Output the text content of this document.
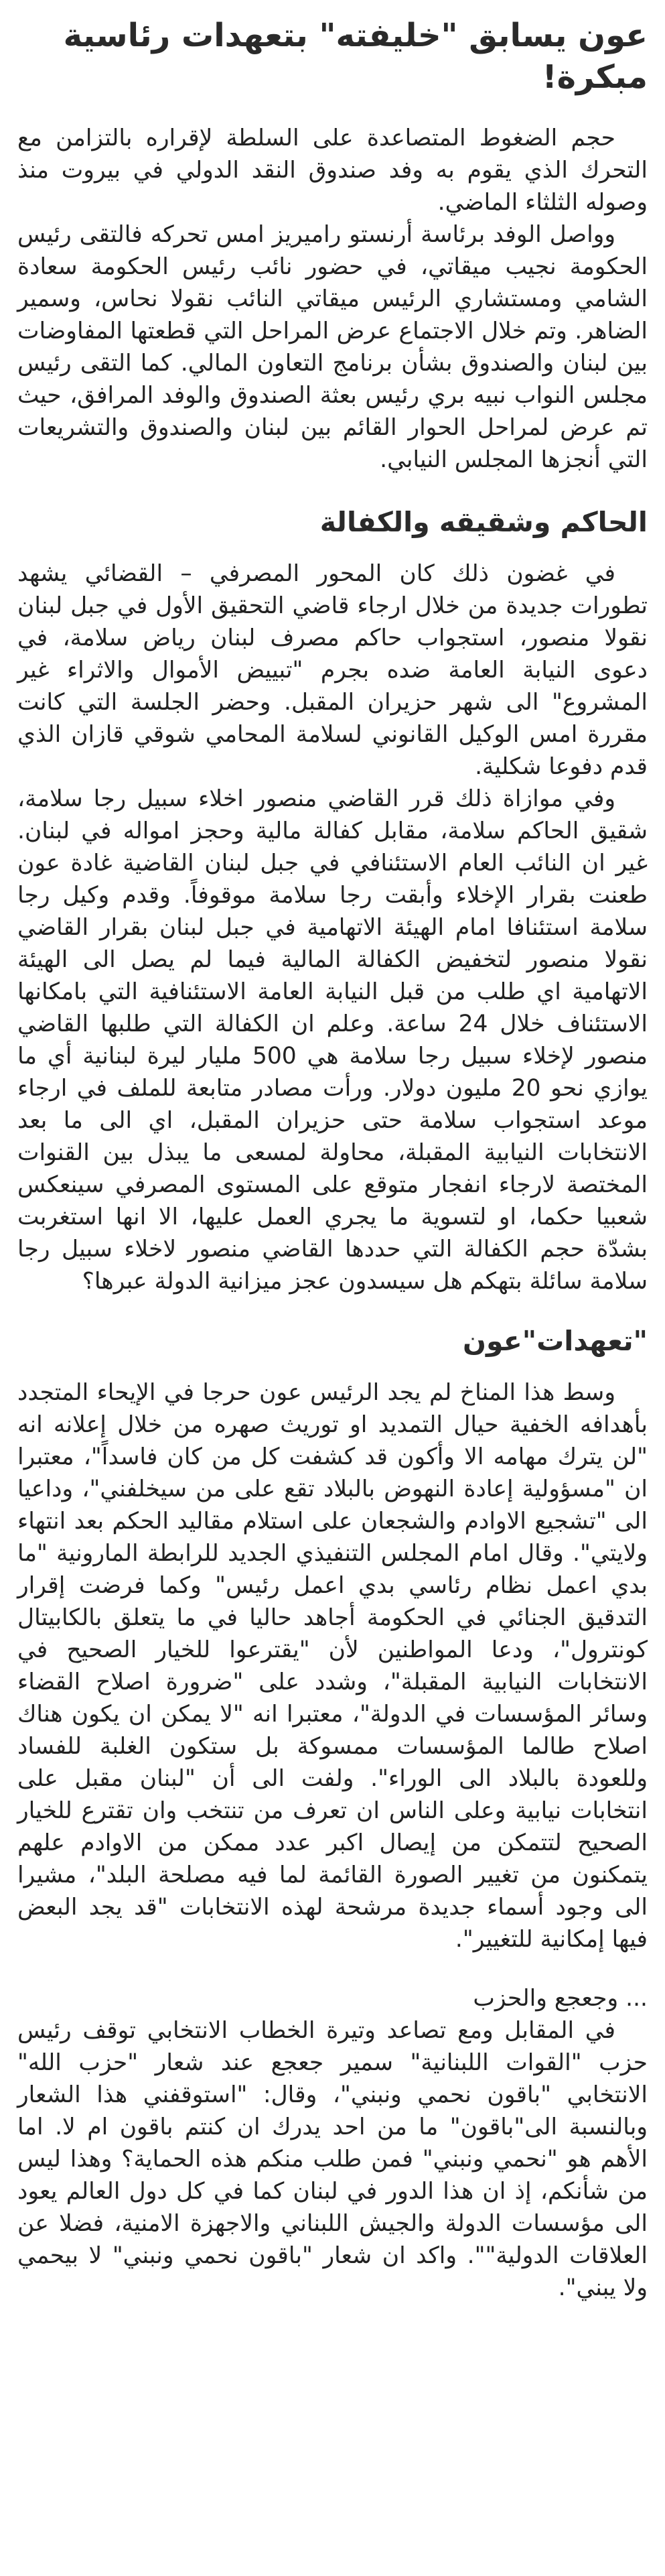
عون يسابق "خليفته" بتعهدات رئاسية مبكرة!

حجم الضغوط المتصاعدة على السلطة لإقراره بالتزامن مع التحرك الذي يقوم به وفد صندوق النقد الدولي في بيروت منذ وصوله الثلثاء الماضي.

وواصل الوفد برئاسة أرنستو راميريز امس تحركه فالتقى رئيس الحكومة نجيب ميقاتي، في حضور نائب رئيس الحكومة سعادة الشامي ومستشاري الرئيس ميقاتي النائب نقولا نحاس، وسمير الضاهر. وتم خلال الاجتماع عرض المراحل التي قطعتها المفاوضات بين لبنان والصندوق بشأن برنامج التعاون المالي. كما التقى رئيس مجلس النواب نبيه بري رئيس بعثة الصندوق والوفد المرافق، حيث تم عرض لمراحل الحوار القائم بين لبنان والصندوق والتشريعات التي أنجزها المجلس النيابي.

الحاكم وشقيقه والكفالة

في غضون ذلك كان المحور المصرفي – القضائي يشهد تطورات جديدة من خلال ارجاء قاضي التحقيق الأول في جبل لبنان نقولا منصور، استجواب حاكم مصرف لبنان رياض سلامة، في دعوى النيابة العامة ضده بجرم "تبييض الأموال والاثراء غير المشروع" الى شهر حزيران المقبل. وحضر الجلسة التي كانت مقررة امس الوكيل القانوني لسلامة المحامي شوقي قازان الذي قدم دفوعا شكلية.

وفي موازاة ذلك قرر القاضي منصور اخلاء سبيل رجا سلامة، شقيق الحاكم سلامة، مقابل كفالة مالية وحجز امواله في لبنان. غير ان النائب العام الاستئنافي في جبل لبنان القاضية غادة عون طعنت بقرار الإخلاء وأبقت رجا سلامة موقوفاً. وقدم وكيل رجا سلامة استئنافا امام الهيئة الاتهامية في جبل لبنان بقرار القاضي نقولا منصور لتخفيض الكفالة المالية فيما لم يصل الى الهيئة الاتهامية اي طلب من قبل النيابة العامة الاستئنافية التي بامكانها الاستئناف خلال 24 ساعة. وعلم ان الكفالة التي طلبها القاضي منصور لإخلاء سبيل رجا سلامة هي 500 مليار ليرة لبنانية أي ما يوازي نحو 20 مليون دولار. ورأت مصادر متابعة للملف في ارجاء موعد استجواب سلامة حتى حزيران المقبل، اي الى ما بعد الانتخابات النيابية المقبلة، محاولة لمسعى ما يبذل بين القنوات المختصة لارجاء انفجار متوقع على المستوى المصرفي سينعكس شعبيا حكما، او لتسوية ما يجري العمل عليها، الا انها استغربت بشدّة حجم الكفالة التي حددها القاضي منصور لاخلاء سبيل رجا سلامة سائلة بتهكم هل سيسدون عجز ميزانية الدولة عبرها؟

"تعهدات"عون

وسط هذا المناخ لم يجد الرئيس عون حرجا في الإيحاء المتجدد بأهدافه الخفية حيال التمديد او توريث صهره من خلال إعلانه انه "لن يترك مهامه الا وأكون قد كشفت كل من كان فاسداً"، معتبرا ان "مسؤولية إعادة النهوض بالبلاد تقع على من سيخلفني"، وداعيا الى "تشجيع الاوادم والشجعان على استلام مقاليد الحكم بعد انتهاء ولايتي". وقال امام المجلس التنفيذي الجديد للرابطة المارونية "ما بدي اعمل نظام رئاسي بدي اعمل رئيس" وكما فرضت إقرار التدقيق الجنائي في الحكومة أجاهد حاليا في ما يتعلق بالكابيتال كونترول"، ودعا المواطنين لأن "يقترعوا للخيار الصحيح في الانتخابات النيابية المقبلة"، وشدد على "ضرورة اصلاح القضاء وسائر المؤسسات في الدولة"، معتبرا انه "لا يمكن ان يكون هناك اصلاح طالما المؤسسات ممسوكة بل ستكون الغلبة للفساد وللعودة بالبلاد الى الوراء". ولفت الى أن "لبنان مقبل على انتخابات نيابية وعلى الناس ان تعرف من تنتخب وان تقترع للخيار الصحيح لتتمكن من إيصال اكبر عدد ممكن من الاوادم علهم يتمكنون من تغيير الصورة القائمة لما فيه مصلحة البلد"، مشيرا الى وجود أسماء جديدة مرشحة لهذه الانتخابات "قد يجد البعض فيها إمكانية للتغيير".

... وجعجع والحزب

في المقابل ومع تصاعد وتيرة الخطاب الانتخابي توقف رئيس حزب "القوات اللبنانية" سمير جعجع عند شعار "حزب الله" الانتخابي "باقون نحمي ونبني"، وقال: "استوقفني هذا الشعار وبالنسبة الى"باقون" ما من احد يدرك ان كنتم باقون ام لا. اما الأهم هو "نحمي ونبني" فمن طلب منكم هذه الحماية؟ وهذا ليس من شأنكم، إذ ان هذا الدور في لبنان كما في كل دول العالم يعود الى مؤسسات الدولة والجيش اللبناني والاجهزة الامنية، فضلا عن العلاقات الدولية"". واكد ان شعار "باقون نحمي ونبني" لا بيحمي ولا يبني".
